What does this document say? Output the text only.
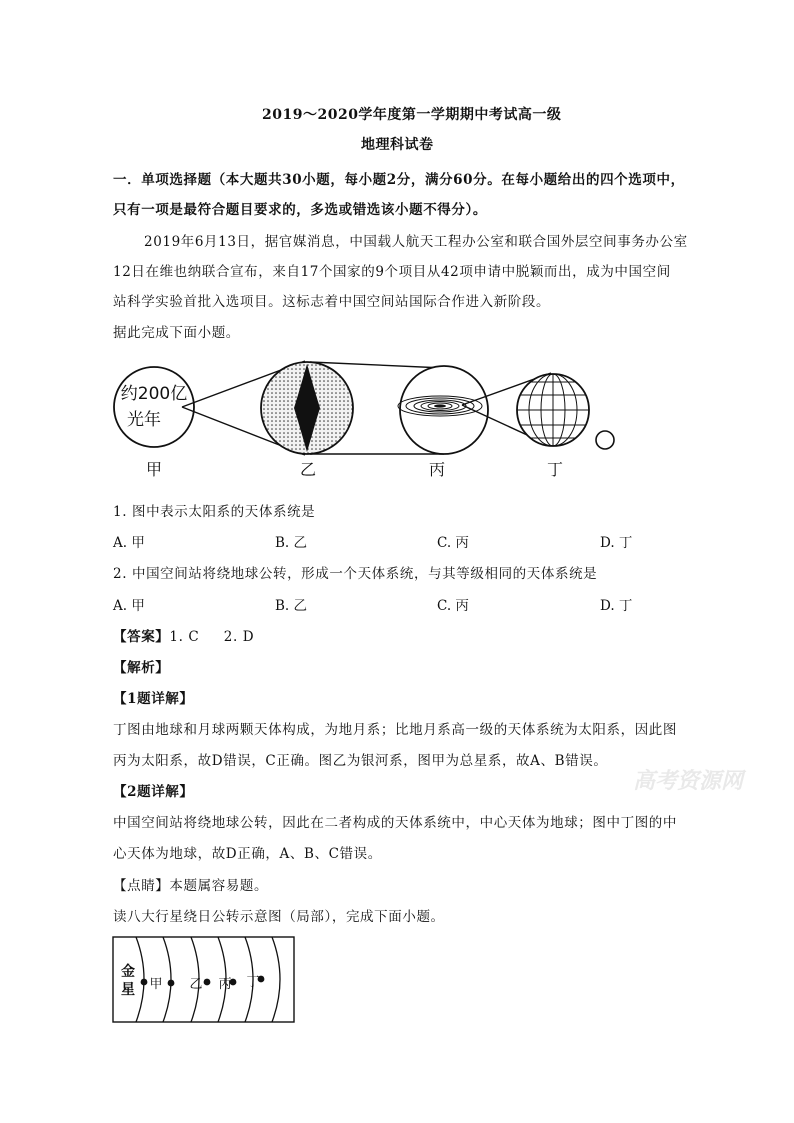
2019～2020学年度第一学期期中考试高一级
地理科试卷
一．单项选择题（本大题共30小题，每小题2分，满分60分。在每小题给出的四个选项中，
只有一项是最符合题目要求的，多选或错选该小题不得分）。
2019年6月13日，据官媒消息，中国载人航天工程办公室和联合国外层空间事务办公室
12日在维也纳联合宣布，来自17个国家的9个项目从42项申请中脱颖而出，成为中国空间
站科学实验首批入选项目。这标志着中国空间站国际合作进入新阶段。
据此完成下面小题。
约200亿
光年
甲	乙	丙	丁
1. 图中表示太阳系的天体系统是
A. 甲	B. 乙	C. 丙	D. 丁
2. 中国空间站将绕地球公转，形成一个天体系统，与其等级相同的天体系统是
A. 甲	B. 乙	C. 丙	D. 丁
【答案】1. C     2. D
【解析】
【1题详解】
丁图由地球和月球两颗天体构成，为地月系；比地月系高一级的天体系统为太阳系，因此图
丙为太阳系，故D错误，C正确。图乙为银河系，图甲为总星系，故A、B错误。
高考资源网
【2题详解】
中国空间站将绕地球公转，因此在二者构成的天体系统中，中心天体为地球；图中丁图的中
心天体为地球，故D正确，A、B、C错误。
【点睛】本题属容易题。
读八大行星绕日公转示意图（局部），完成下面小题。
金
星 甲 乙 丙 丁
